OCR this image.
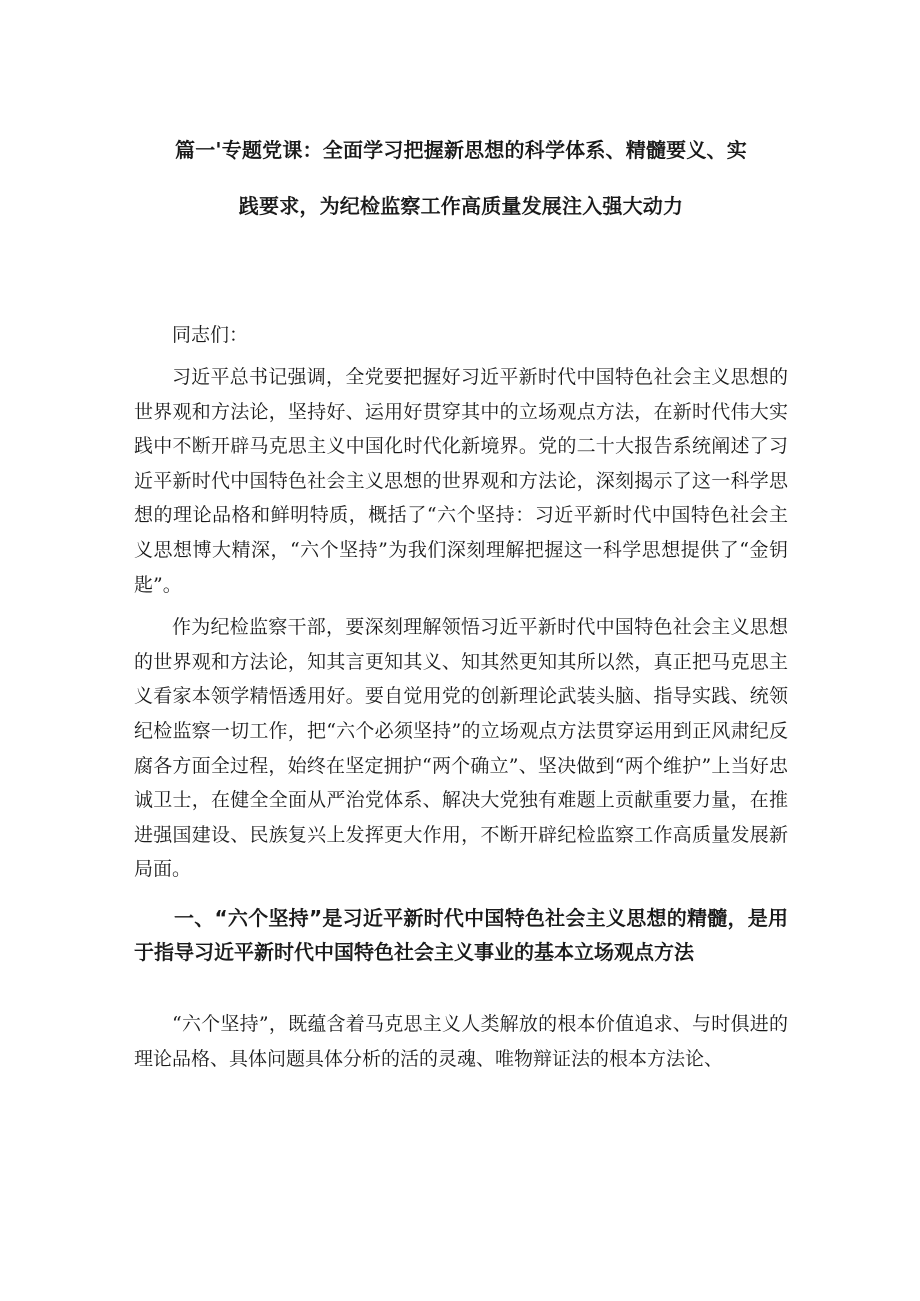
篇一'专题党课：全面学习把握新思想的科学体系、精髓要义、实
践要求，为纪检监察工作高质量发展注入强大动力

同志们：

习近平总书记强调，全党要把握好习近平新时代中国特色社会主义思想的世界观和方法论，坚持好、运用好贯穿其中的立场观点方法，在新时代伟大实践中不断开辟马克思主义中国化时代化新境界。党的二十大报告系统阐述了习近平新时代中国特色社会主义思想的世界观和方法论，深刻揭示了这一科学思想的理论品格和鲜明特质，概括了“六个坚持：习近平新时代中国特色社会主义思想博大精深，“六个坚持”为我们深刻理解把握这一科学思想提供了“金钥匙”。

作为纪检监察干部，要深刻理解领悟习近平新时代中国特色社会主义思想的世界观和方法论，知其言更知其义、知其然更知其所以然，真正把马克思主义看家本领学精悟透用好。要自觉用党的创新理论武装头脑、指导实践、统领纪检监察一切工作，把“六个必须坚持”的立场观点方法贯穿运用到正风肃纪反腐各方面全过程，始终在坚定拥护“两个确立”、坚决做到“两个维护”上当好忠诚卫士，在健全全面从严治党体系、解决大党独有难题上贡献重要力量，在推进强国建设、民族复兴上发挥更大作用，不断开辟纪检监察工作高质量发展新局面。

一、“六个坚持”是习近平新时代中国特色社会主义思想的精髓，是用于指导习近平新时代中国特色社会主义事业的基本立场观点方法

“六个坚持”，既蕴含着马克思主义人类解放的根本价值追求、与时俱进的理论品格、具体问题具体分析的活的灵魂、唯物辩证法的根本方法论、
